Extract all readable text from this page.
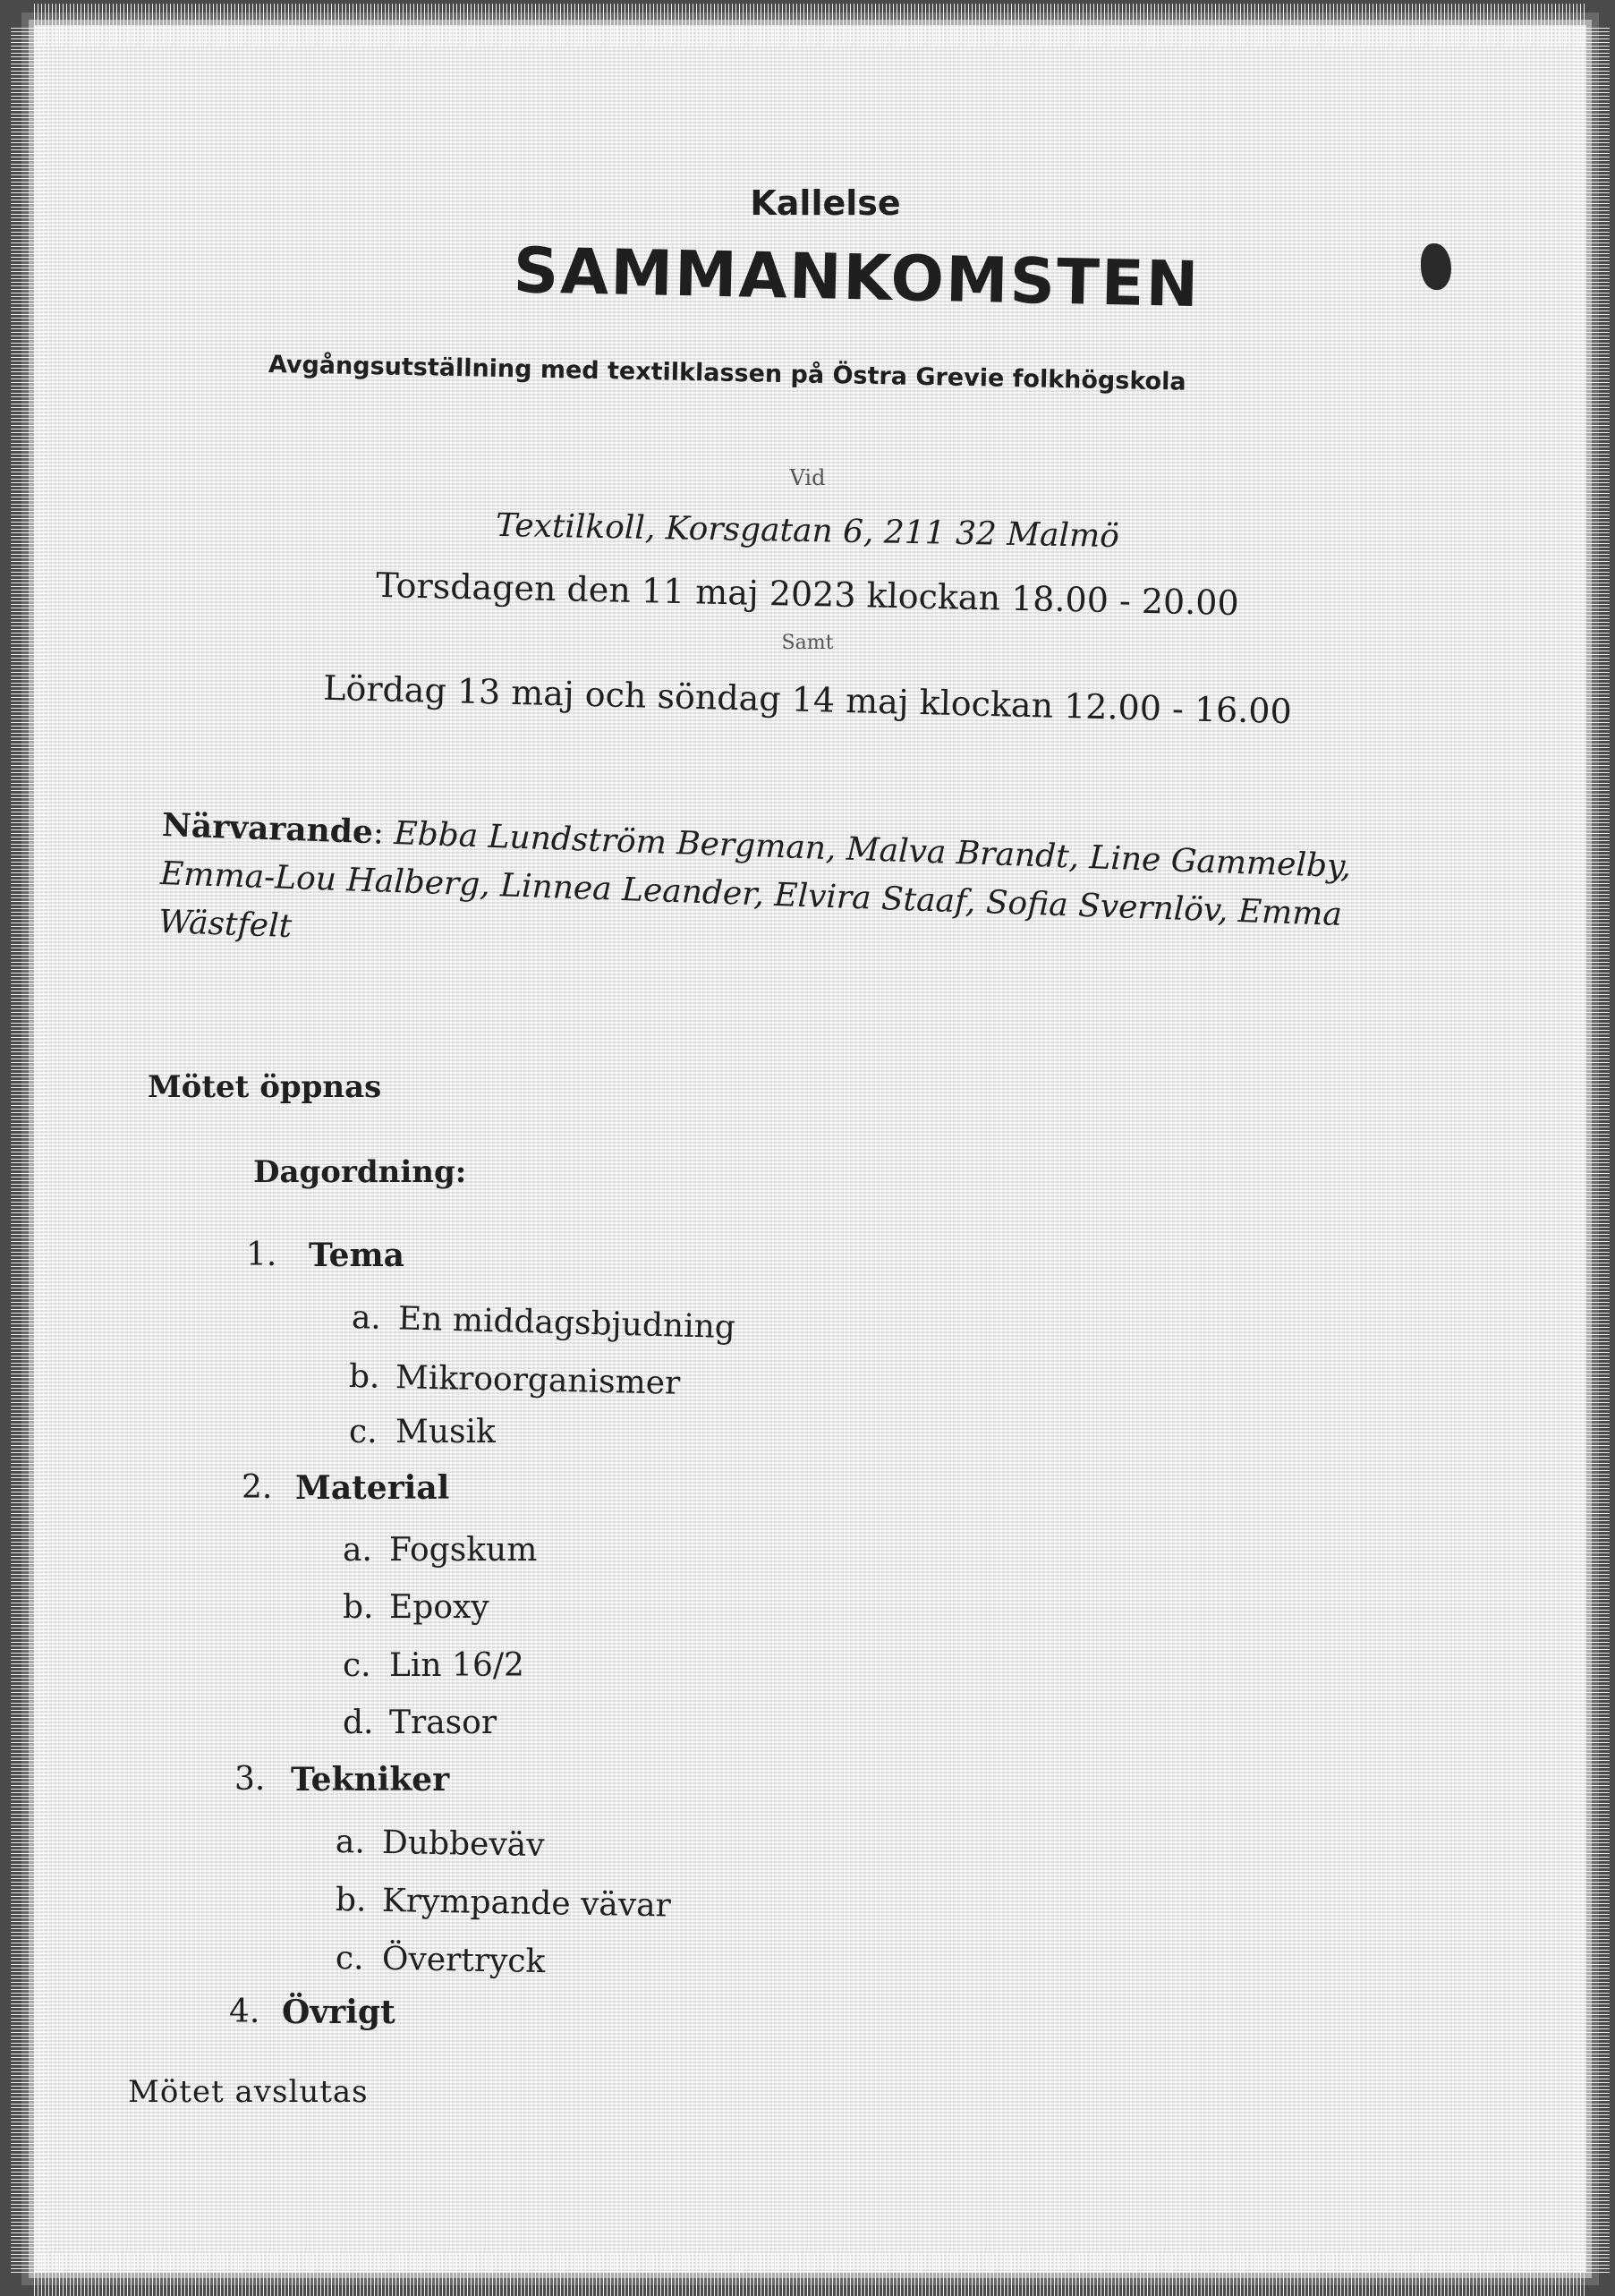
Kallelse
SAMMANKOMSTEN
Avgångsutställning med textilklassen på Östra Grevie folkhögskola
Vid
Textilkoll, Korsgatan 6, 211 32 Malmö
Torsdagen den 11 maj 2023 klockan 18.00 - 20.00
Samt
Lördag 13 maj och söndag 14 maj klockan 12.00 - 16.00
Närvarande: Ebba Lundström Bergman, Malva Brandt, Line Gammelby, Emma-Lou Halberg, Linnea Leander, Elvira Staaf, Sofia Svernlöv, Emma Wästfelt
Mötet öppnas
Dagordning:
1. Tema
a. En middagsbjudning
b. Mikroorganismer
c. Musik
2. Material
a. Fogskum
b. Epoxy
c. Lin 16/2
d. Trasor
3. Tekniker
a. Dubbeväv
b. Krympande vävar
c. Övertryck
4. Övrigt
Mötet avslutas
